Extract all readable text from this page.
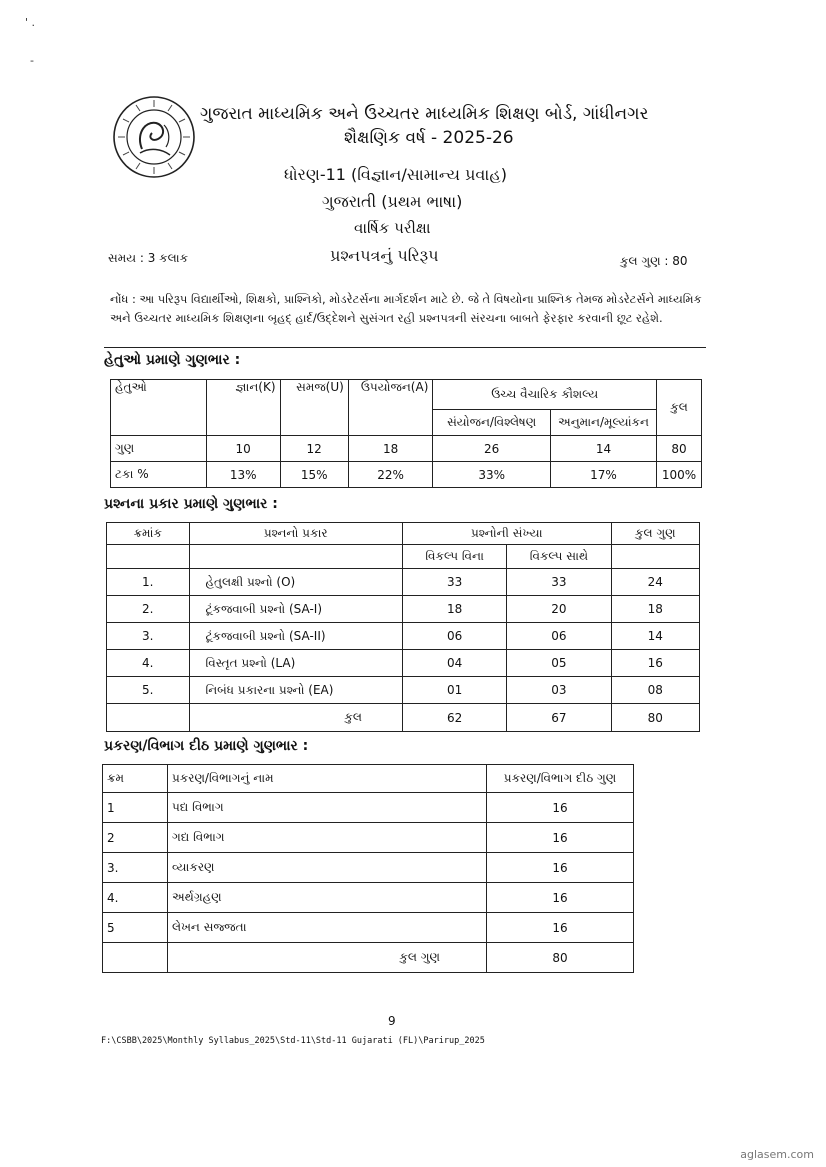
' .
-
ગુજરાત માધ્યમિક અને ઉચ્ચતર માધ્યમિક શિક્ષણ બોર્ડ, ગાંધીનગર
શૈક્ષણિક વર્ષ - 2025-26
ધોરણ-11 (વિજ્ઞાન/સામાન્ય પ્રવાહ)
ગુજરાતી (પ્રથમ ભાષા)
વાર્ષિક પરીક્ષા
પ્રશ્નપત્રનું પરિરૂપ
સમય : 3 કલાક	કુલ ગુણ : 80
નોંધ : આ પરિરૂપ વિદ્યાર્થીઓ, શિક્ષકો, પ્રાશ્નિકો, મોડરેટર્સના માર્ગદર્શન માટે છે. જે તે વિષયોના પ્રાશ્નિક તેમજ મોડરેટર્સને માધ્યમિક અને ઉચ્ચતર માધ્યમિક શિક્ષણના બૃહદ્ હાર્દ/ઉદ્દેશને સુસંગત રહી પ્રશ્નપત્રની સંરચના બાબતે ફેરફાર કરવાની છૂટ રહેશે.
હેતુઓ પ્રમાણે ગુણભાર :
હેતુઓ	જ્ઞાન(K)	સમજ(U)	ઉપયોજન(A)	ઉચ્ચ વૈચારિક કૌશલ્ય		કુલ
				સંયોજન/વિશ્લેષણ	અનુમાન/મૂલ્યાંકન	
ગુણ	10	12	18	26	14	80
ટકા %	13%	15%	22%	33%	17%	100%
પ્રશ્નના પ્રકાર પ્રમાણે ગુણભાર :
ક્રમાંક	પ્રશ્નનો પ્રકાર	પ્રશ્નોની સંખ્યા		કુલ ગુણ
		વિકલ્પ વિના	વિકલ્પ સાથે	
1.	હેતુલક્ષી પ્રશ્નો (O)	33	33	24
2.	ટૂંકજવાબી પ્રશ્નો (SA-I)	18	20	18
3.	ટૂંકજવાબી પ્રશ્નો (SA-II)	06	06	14
4.	વિસ્તૃત પ્રશ્નો (LA)	04	05	16
5.	નિબંધ પ્રકારના પ્રશ્નો (EA)	01	03	08
	કુલ	62	67	80
પ્રકરણ/વિભાગ દીઠ પ્રમાણે ગુણભાર :
ક્રમ	પ્રકરણ/વિભાગનું નામ	પ્રકરણ/વિભાગ દીઠ ગુણ
1	પદ્ય વિભાગ	16
2	ગદ્ય વિભાગ	16
3.	વ્યાકરણ	16
4.	અર્થગ્રહણ	16
5	લેખન સજ્જતા	16
	કુલ ગુણ	80
9
F:\CSBB\2025\Monthly Syllabus_2025\Std-11\Std-11 Gujarati (FL)\Parirup_2025
aglasem.com
